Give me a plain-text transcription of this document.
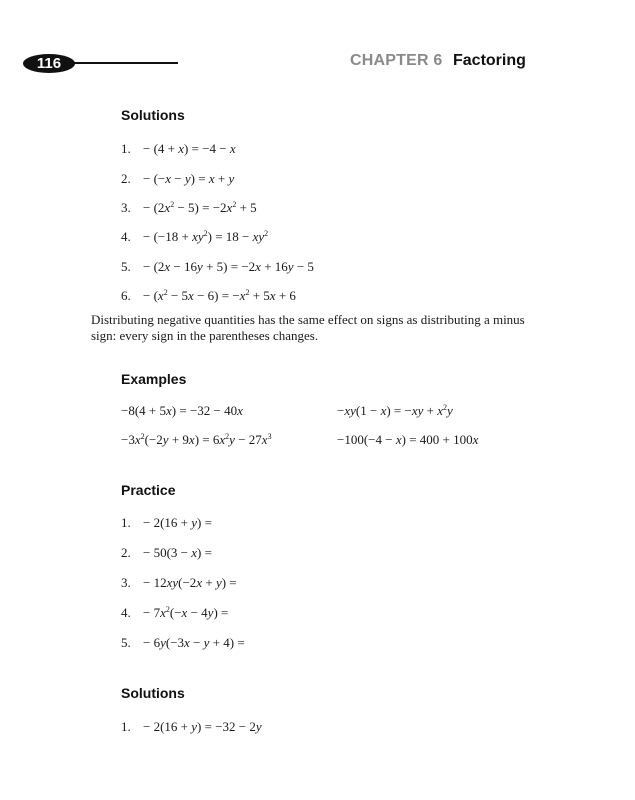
116	CHAPTER 6 Factoring
Solutions
1. − (4 + x) = −4 − x
2. − (−x − y) = x + y
3. − $(2x^2 - 5) = -2x^2 + 5$
4. − $(-18 + xy^2) = 18 - xy^2$
5. − (2x − 16y + 5) = −2x + 16y − 5
6. − $(x^2 - 5x - 6) = -x^2 + 5x + 6$
Distributing negative quantities has the same effect on signs as distributing a minus sign: every sign in the parentheses changes.
Examples
−8(4 + 5x) = −32 − 40x	$-xy(1 - x) = -xy + x^2y$
$-3x^2(-2y + 9x) = 6x^2y - 27x^3$	−100(−4 − x) = 400 + 100x
Practice
1. − 2(16 + y) =
2. − 50(3 − x) =
3. − 12xy(−2x + y) =
4. − $7x^2(-x - 4y)$ =
5. − 6y(−3x − y + 4) =
Solutions
1. − 2(16 + y) = −32 − 2y
